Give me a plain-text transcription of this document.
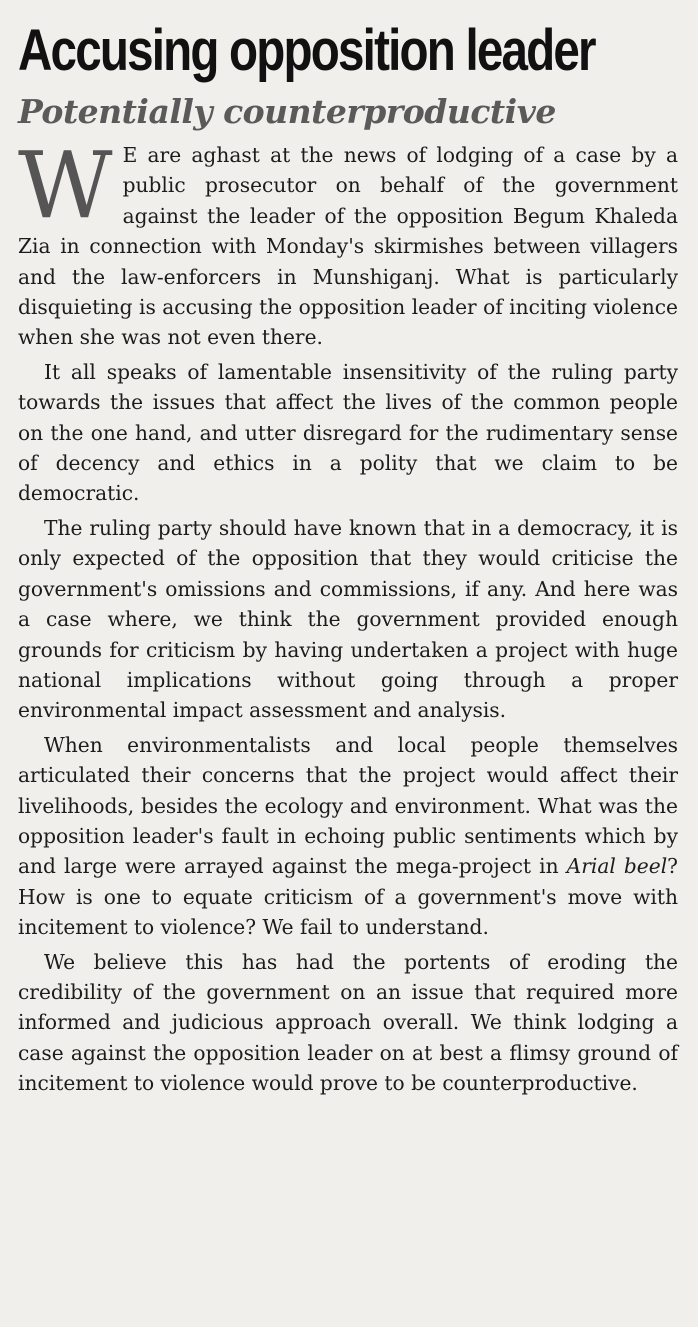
Accusing opposition leader
Potentially counterproductive

W E are aghast at the news of lodging of a case by a public prosecutor on behalf of the government against the leader of the opposition Begum Khaleda Zia in connection with Monday's skirmishes between villagers and the law-enforcers in Munshiganj. What is particularly disquieting is accusing the opposition leader of inciting violence when she was not even there.

It all speaks of lamentable insensitivity of the ruling party towards the issues that affect the lives of the common people on the one hand, and utter disregard for the rudimentary sense of decency and ethics in a polity that we claim to be democratic.

The ruling party should have known that in a democracy, it is only expected of the opposition that they would criticise the government's omissions and commissions, if any. And here was a case where, we think the government provided enough grounds for criticism by having undertaken a project with huge national implications without going through a proper environmental impact assessment and analysis.

When environmentalists and local people themselves articulated their concerns that the project would affect their livelihoods, besides the ecology and environment. What was the opposition leader's fault in echoing public sentiments which by and large were arrayed against the mega-project in Arial beel? How is one to equate criticism of a government's move with incitement to violence? We fail to understand.

We believe this has had the portents of eroding the credibility of the government on an issue that required more informed and judicious approach overall. We think lodging a case against the opposition leader on at best a flimsy ground of incitement to violence would prove to be counterproductive.
